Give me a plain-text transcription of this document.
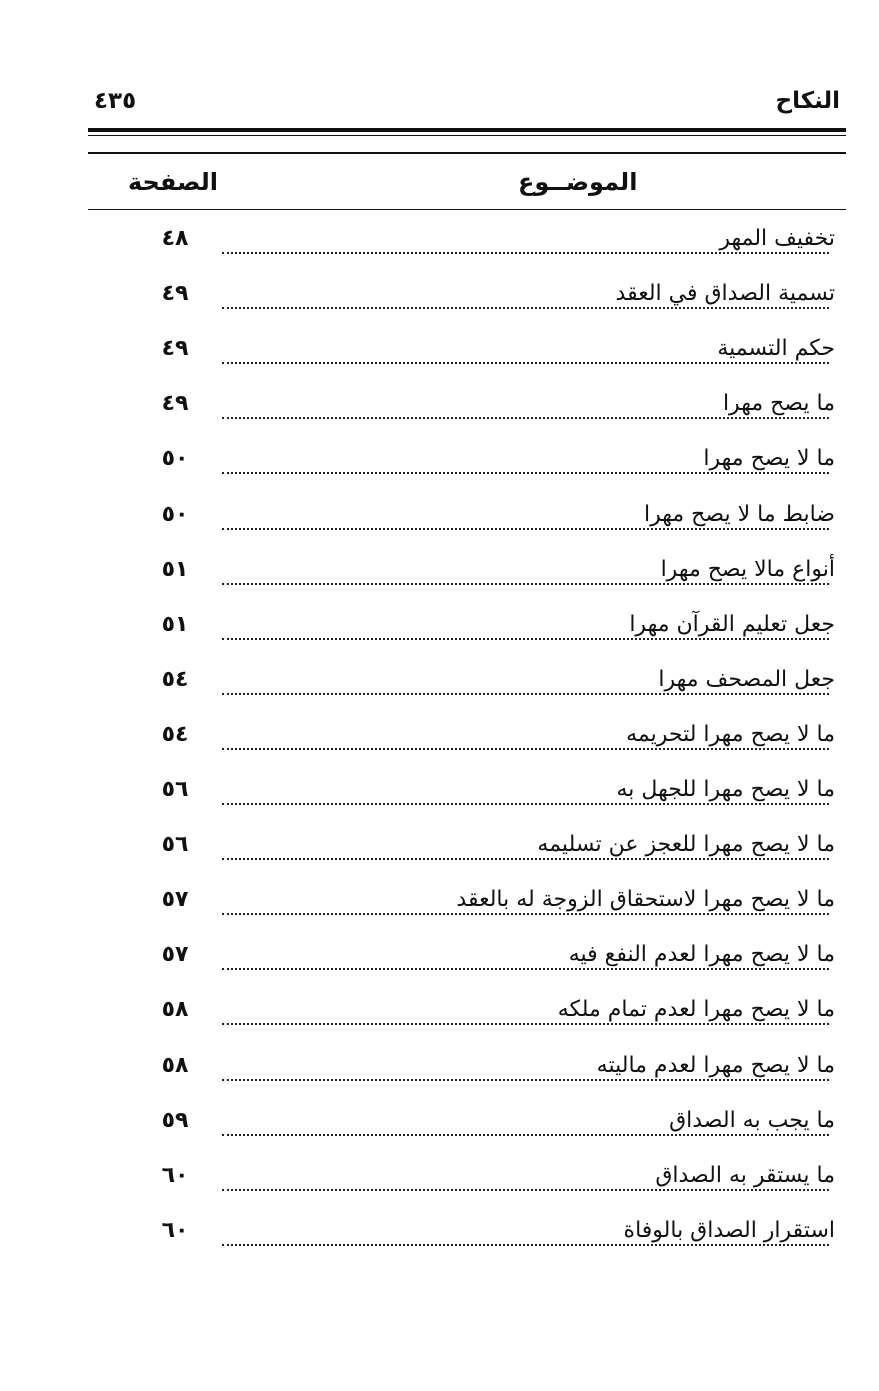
النكاح
٤٣٥
الموضــوع
الصفحة
تخفيف المهر
٤٨
تسمية الصداق في العقد
٤٩
حكم التسمية
٤٩
ما يصح مهرا
٤٩
ما لا يصح مهرا
٥٠
ضابط ما لا يصح مهرا
٥٠
أنواع مالا يصح مهرا
٥١
جعل تعليم القرآن مهرا
٥١
جعل المصحف مهرا
٥٤
ما لا يصح مهرا لتحريمه
٥٤
ما لا يصح مهرا للجهل به
٥٦
ما لا يصح مهرا للعجز عن تسليمه
٥٦
ما لا يصح مهرا لاستحقاق الزوجة له بالعقد
٥٧
ما لا يصح مهرا لعدم النفع فيه
٥٧
ما لا يصح مهرا لعدم تمام ملكه
٥٨
ما لا يصح مهرا لعدم ماليته
٥٨
ما يجب به الصداق
٥٩
ما يستقر به الصداق
٦٠
استقرار الصداق بالوفاة
٦٠
